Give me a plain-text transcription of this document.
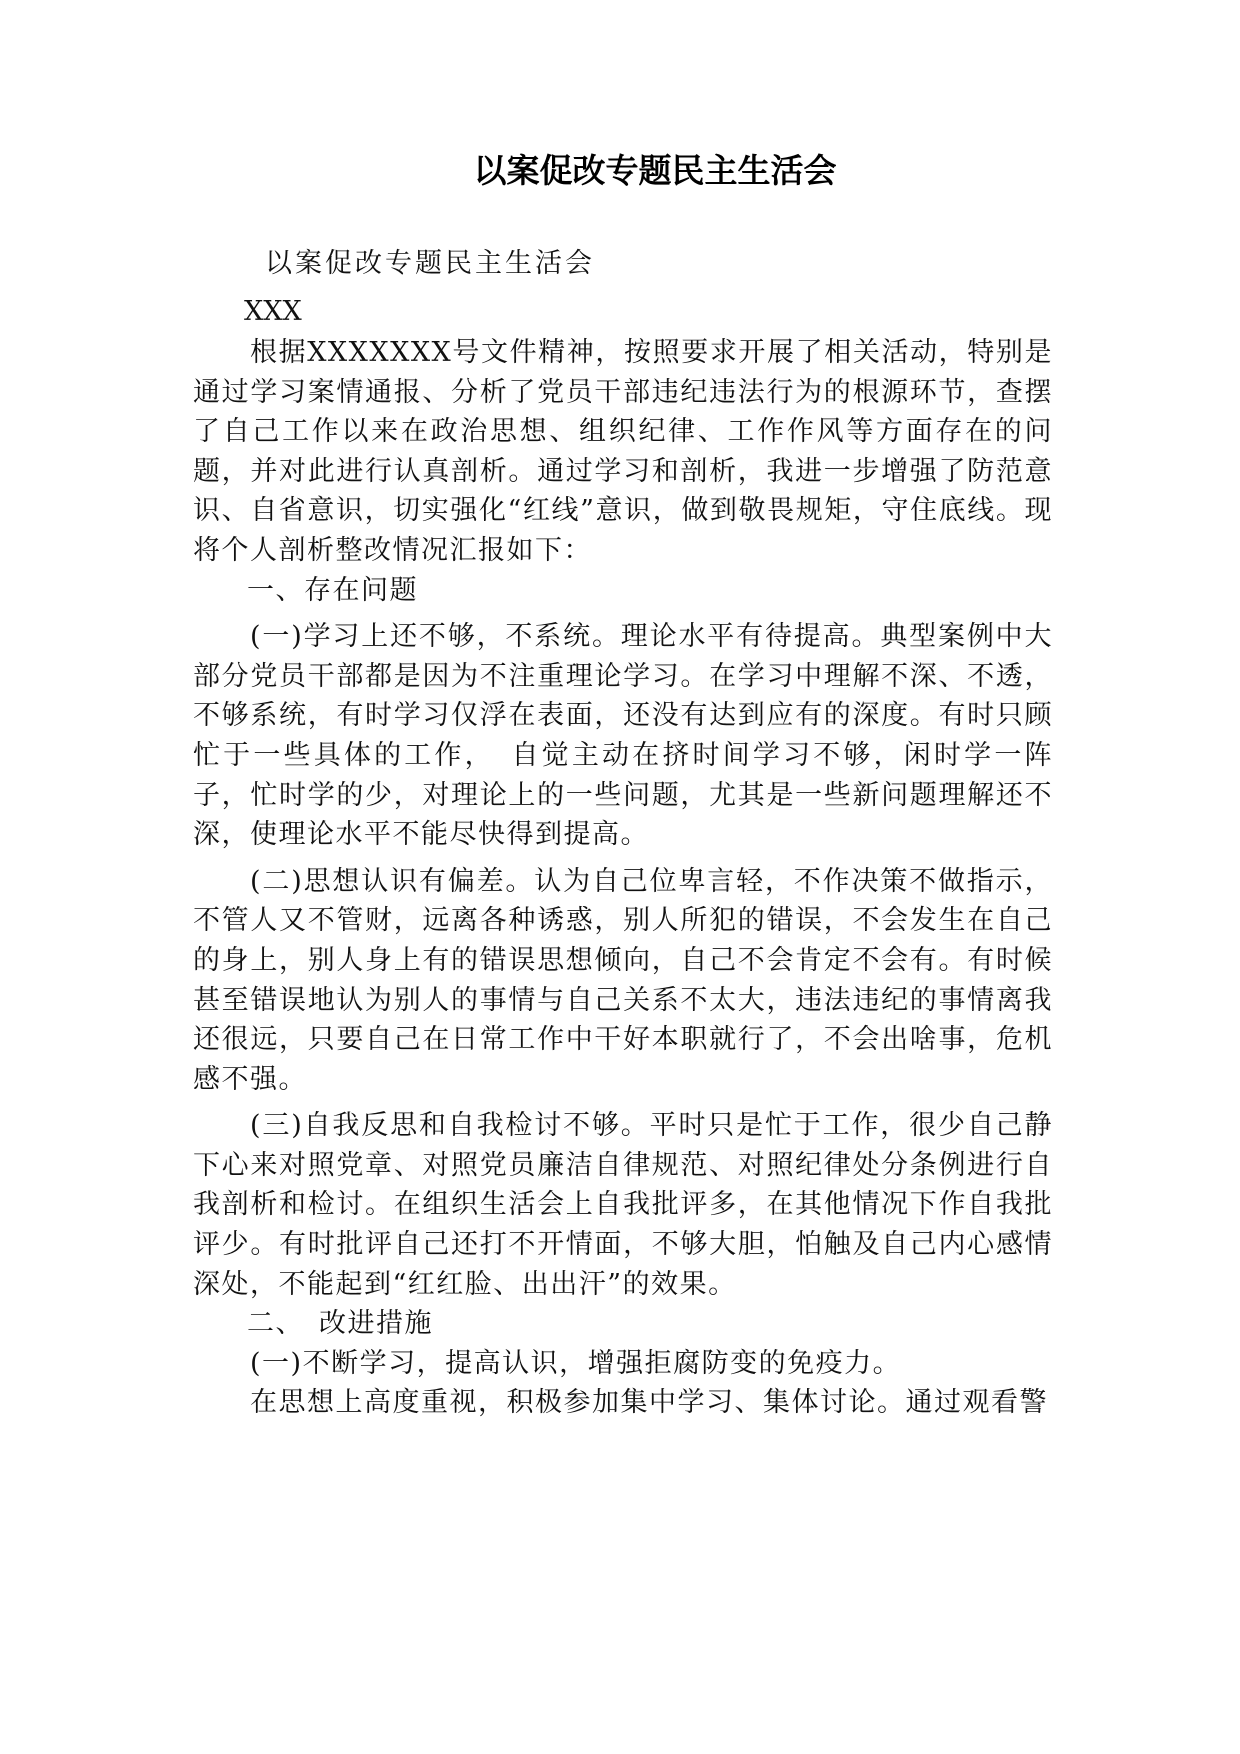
以案促改专题民主生活会
以案促改专题民主生活会
XXX

根据XXXXXXX号文件精神，按照要求开展了相关活动，特别是通过学习案情通报、分析了党员干部违纪违法行为的根源环节，查摆了自己工作以来在政治思想、组织纪律、工作作风等方面存在的问题，并对此进行认真剖析。通过学习和剖析，我进一步增强了防范意识、自省意识，切实强化“红线”意识，做到敬畏规矩，守住底线。现将个人剖析整改情况汇报如下：

一、存在问题

(一)学习上还不够，不系统。理论水平有待提高。典型案例中大部分党员干部都是因为不注重理论学习。在学习中理解不深、不透，不够系统，有时学习仅浮在表面，还没有达到应有的深度。有时只顾忙于一些具体的工作，　自觉主动在挤时间学习不够，闲时学一阵子，忙时学的少，对理论上的一些问题，尤其是一些新问题理解还不深，使理论水平不能尽快得到提高。

(二)思想认识有偏差。认为自己位卑言轻，不作决策不做指示，不管人又不管财，远离各种诱惑，别人所犯的错误，不会发生在自己的身上，别人身上有的错误思想倾向，自己不会肯定不会有。有时候甚至错误地认为别人的事情与自己关系不太大，违法违纪的事情离我还很远，只要自己在日常工作中干好本职就行了，不会出啥事，危机感不强。

(三)自我反思和自我检讨不够。平时只是忙于工作，很少自己静下心来对照党章、对照党员廉洁自律规范、对照纪律处分条例进行自我剖析和检讨。在组织生活会上自我批评多，在其他情况下作自我批评少。有时批评自己还打不开情面，不够大胆，怕触及自己内心感情深处，不能起到“红红脸、出出汗”的效果。

二、　改进措施

(一)不断学习，提高认识，增强拒腐防变的免疫力。

在思想上高度重视，积极参加集中学习、集体讨论。通过观看警
